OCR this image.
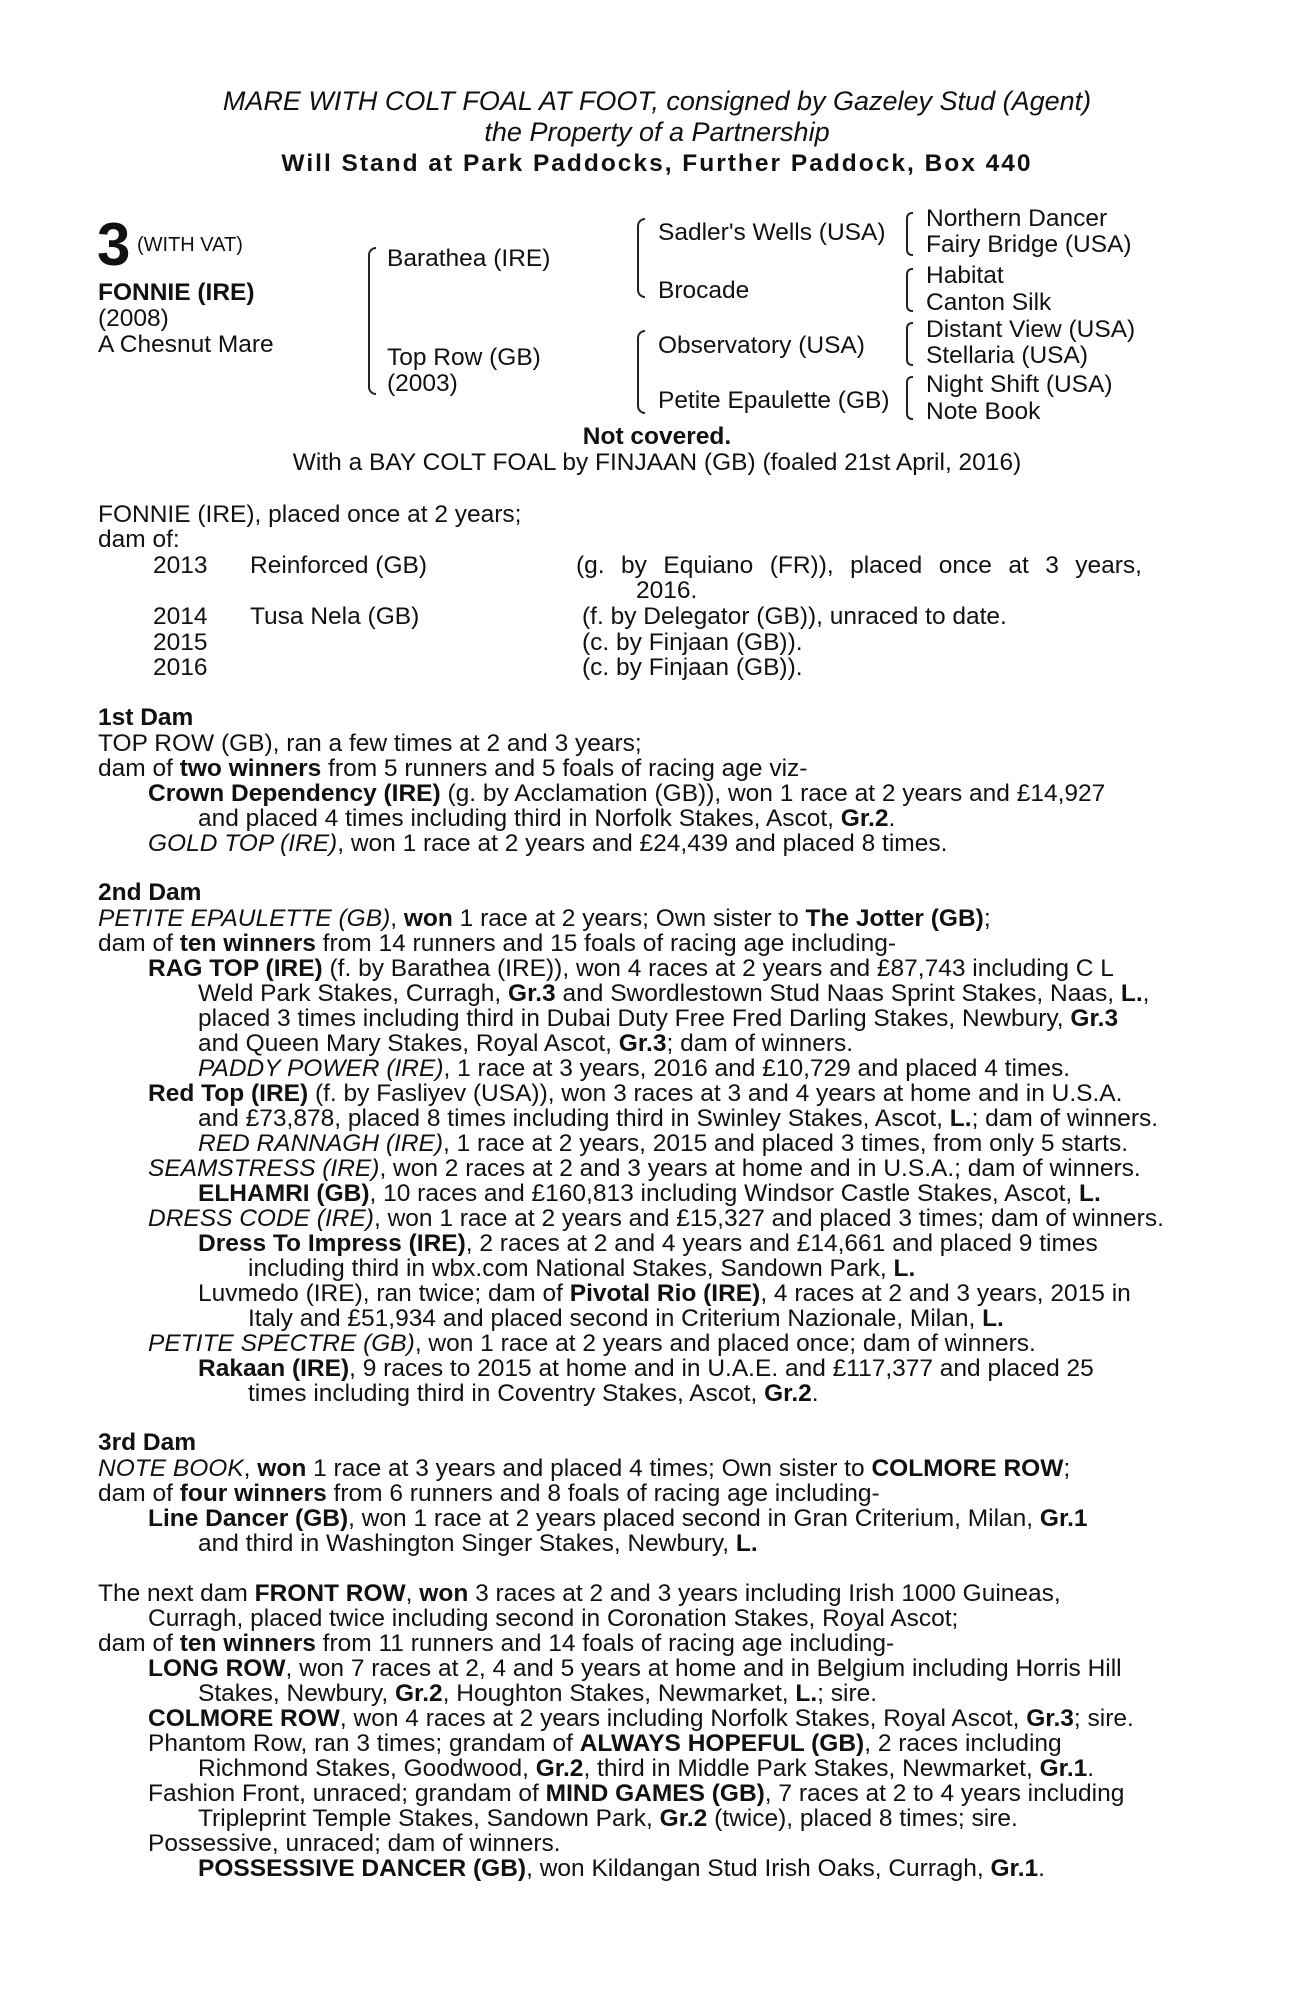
MARE WITH COLT FOAL AT FOOT, consigned by Gazeley Stud (Agent)
the Property of a Partnership
Will Stand at Park Paddocks, Further Paddock, Box 440
3 (WITH VAT)
FONNIE (IRE)
(2008)
A Chesnut Mare
Barathea (IRE)
Top Row (GB)
(2003)
Sadler's Wells (USA)
Brocade
Observatory (USA)
Petite Epaulette (GB)
Northern Dancer
Fairy Bridge (USA)
Habitat
Canton Silk
Distant View (USA)
Stellaria (USA)
Night Shift (USA)
Note Book
Not covered.
With a BAY COLT FOAL by FINJAAN (GB) (foaled 21st April, 2016)
FONNIE (IRE), placed once at 2 years;
dam of:
2013 Reinforced (GB)	(g. by Equiano (FR)), placed once at 3 years,
2016.
2014 Tusa Nela (GB)	(f. by Delegator (GB)), unraced to date.
2015	(c. by Finjaan (GB)).
2016	(c. by Finjaan (GB)).
1st Dam
TOP ROW (GB), ran a few times at 2 and 3 years;
dam of two winners from 5 runners and 5 foals of racing age viz-
Crown Dependency (IRE) (g. by Acclamation (GB)), won 1 race at 2 years and £14,927
and placed 4 times including third in Norfolk Stakes, Ascot, Gr.2.
GOLD TOP (IRE), won 1 race at 2 years and £24,439 and placed 8 times.
2nd Dam
PETITE EPAULETTE (GB), won 1 race at 2 years; Own sister to The Jotter (GB);
dam of ten winners from 14 runners and 15 foals of racing age including-
RAG TOP (IRE) (f. by Barathea (IRE)), won 4 races at 2 years and £87,743 including C L
Weld Park Stakes, Curragh, Gr.3 and Swordlestown Stud Naas Sprint Stakes, Naas, L.,
placed 3 times including third in Dubai Duty Free Fred Darling Stakes, Newbury, Gr.3
and Queen Mary Stakes, Royal Ascot, Gr.3; dam of winners.
PADDY POWER (IRE), 1 race at 3 years, 2016 and £10,729 and placed 4 times.
Red Top (IRE) (f. by Fasliyev (USA)), won 3 races at 3 and 4 years at home and in U.S.A.
and £73,878, placed 8 times including third in Swinley Stakes, Ascot, L.; dam of winners.
RED RANNAGH (IRE), 1 race at 2 years, 2015 and placed 3 times, from only 5 starts.
SEAMSTRESS (IRE), won 2 races at 2 and 3 years at home and in U.S.A.; dam of winners.
ELHAMRI (GB), 10 races and £160,813 including Windsor Castle Stakes, Ascot, L.
DRESS CODE (IRE), won 1 race at 2 years and £15,327 and placed 3 times; dam of winners.
Dress To Impress (IRE), 2 races at 2 and 4 years and £14,661 and placed 9 times
including third in wbx.com National Stakes, Sandown Park, L.
Luvmedo (IRE), ran twice; dam of Pivotal Rio (IRE), 4 races at 2 and 3 years, 2015 in
Italy and £51,934 and placed second in Criterium Nazionale, Milan, L.
PETITE SPECTRE (GB), won 1 race at 2 years and placed once; dam of winners.
Rakaan (IRE), 9 races to 2015 at home and in U.A.E. and £117,377 and placed 25
times including third in Coventry Stakes, Ascot, Gr.2.
3rd Dam
NOTE BOOK, won 1 race at 3 years and placed 4 times; Own sister to COLMORE ROW;
dam of four winners from 6 runners and 8 foals of racing age including-
Line Dancer (GB), won 1 race at 2 years placed second in Gran Criterium, Milan, Gr.1
and third in Washington Singer Stakes, Newbury, L.
The next dam FRONT ROW, won 3 races at 2 and 3 years including Irish 1000 Guineas,
Curragh, placed twice including second in Coronation Stakes, Royal Ascot;
dam of ten winners from 11 runners and 14 foals of racing age including-
LONG ROW, won 7 races at 2, 4 and 5 years at home and in Belgium including Horris Hill
Stakes, Newbury, Gr.2, Houghton Stakes, Newmarket, L.; sire.
COLMORE ROW, won 4 races at 2 years including Norfolk Stakes, Royal Ascot, Gr.3; sire.
Phantom Row, ran 3 times; grandam of ALWAYS HOPEFUL (GB), 2 races including
Richmond Stakes, Goodwood, Gr.2, third in Middle Park Stakes, Newmarket, Gr.1.
Fashion Front, unraced; grandam of MIND GAMES (GB), 7 races at 2 to 4 years including
Tripleprint Temple Stakes, Sandown Park, Gr.2 (twice), placed 8 times; sire.
Possessive, unraced; dam of winners.
POSSESSIVE DANCER (GB), won Kildangan Stud Irish Oaks, Curragh, Gr.1.
